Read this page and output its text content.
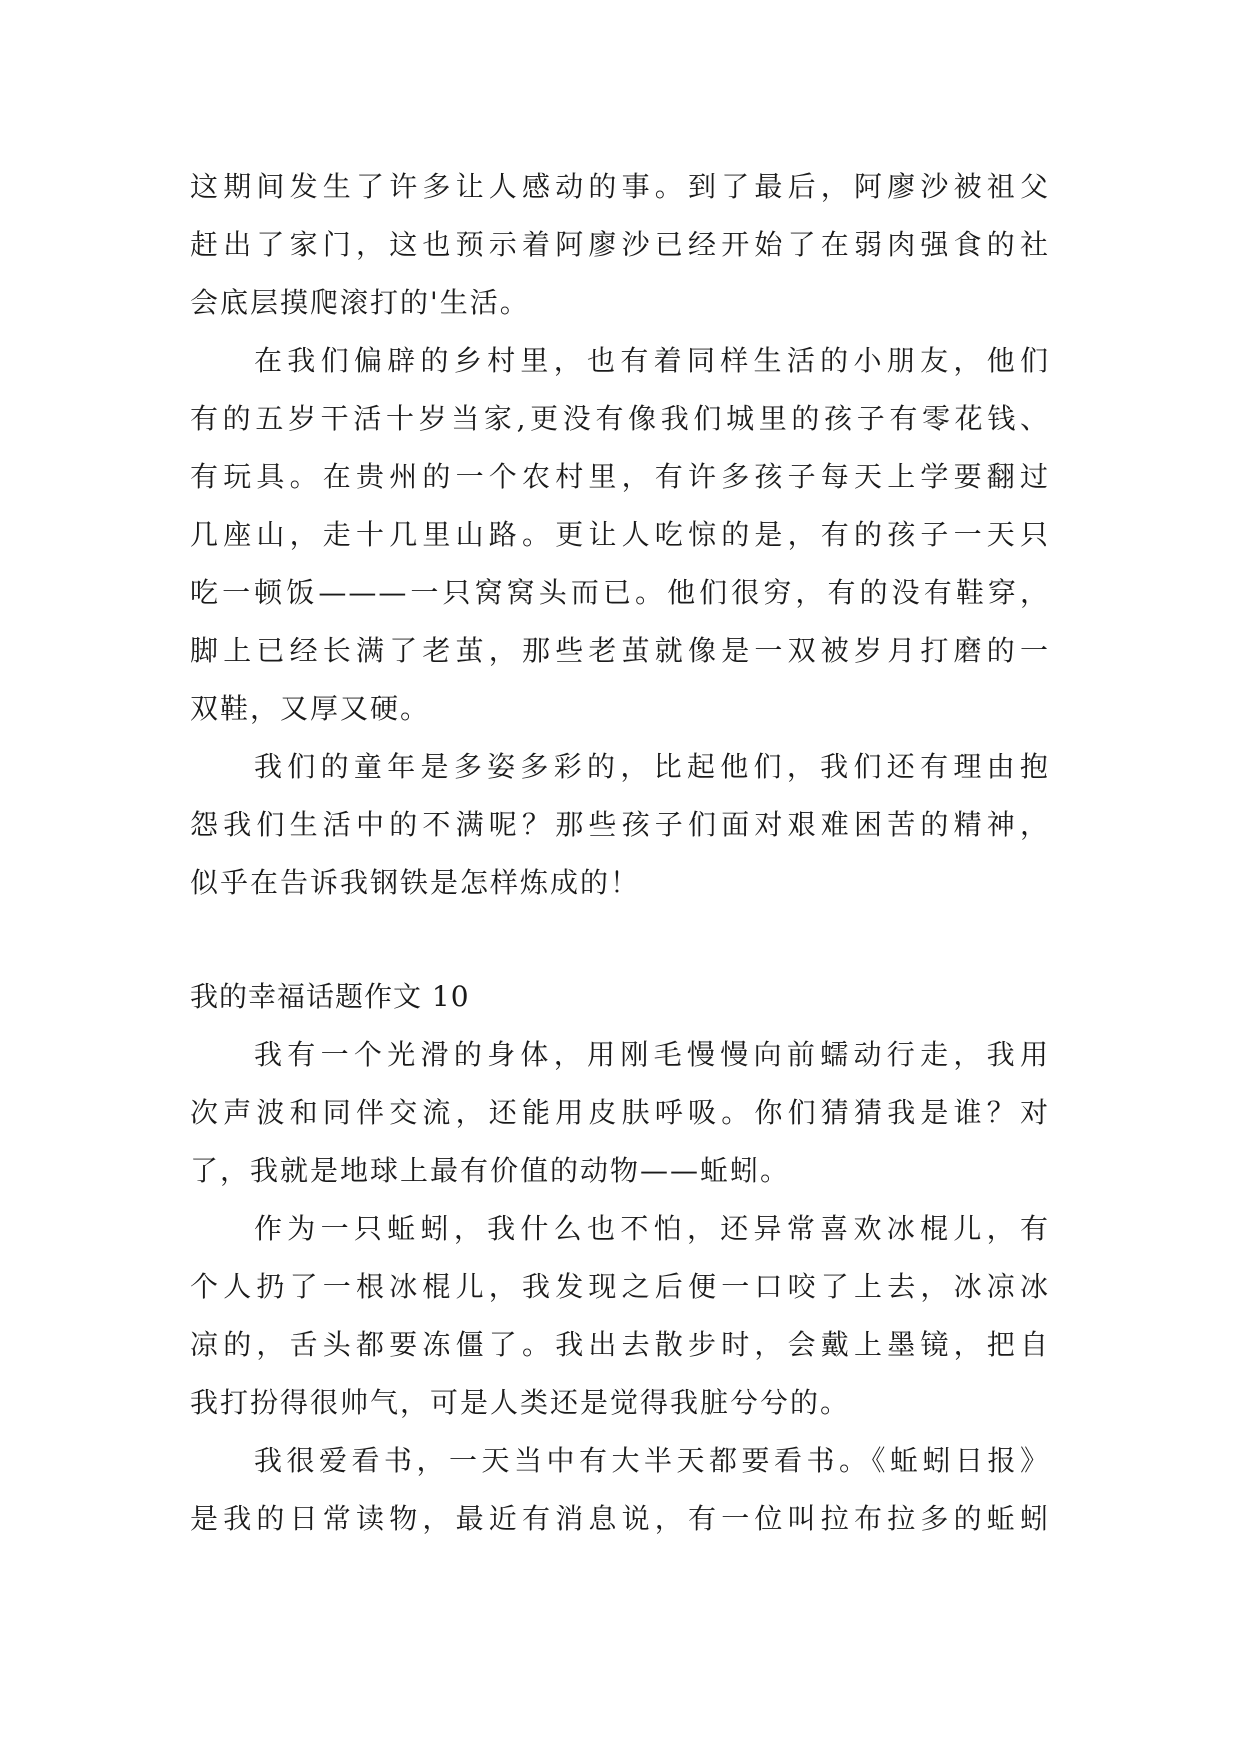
这期间发生了许多让人感动的事。到了最后，阿廖沙被祖父
赶出了家门，这也预示着阿廖沙已经开始了在弱肉强食的社
会底层摸爬滚打的'生活。
在我们偏辟的乡村里，也有着同样生活的小朋友，他们
有的五岁干活十岁当家,更没有像我们城里的孩子有零花钱、
有玩具。在贵州的一个农村里，有许多孩子每天上学要翻过
几座山，走十几里山路。更让人吃惊的是，有的孩子一天只
吃一顿饭———一只窝窝头而已。他们很穷，有的没有鞋穿，
脚上已经长满了老茧，那些老茧就像是一双被岁月打磨的一
双鞋，又厚又硬。
我们的童年是多姿多彩的，比起他们，我们还有理由抱
怨我们生活中的不满呢？那些孩子们面对艰难困苦的精神，
似乎在告诉我钢铁是怎样炼成的！
我的幸福话题作文 10
我有一个光滑的身体，用刚毛慢慢向前蠕动行走，我用
次声波和同伴交流，还能用皮肤呼吸。你们猜猜我是谁？对
了，我就是地球上最有价值的动物——蚯蚓。
作为一只蚯蚓，我什么也不怕，还异常喜欢冰棍儿，有
个人扔了一根冰棍儿，我发现之后便一口咬了上去，冰凉冰
凉的，舌头都要冻僵了。我出去散步时，会戴上墨镜，把自
我打扮得很帅气，可是人类还是觉得我脏兮兮的。
我很爱看书，一天当中有大半天都要看书。《蚯蚓日报》
是我的日常读物，最近有消息说，有一位叫拉布拉多的蚯蚓
